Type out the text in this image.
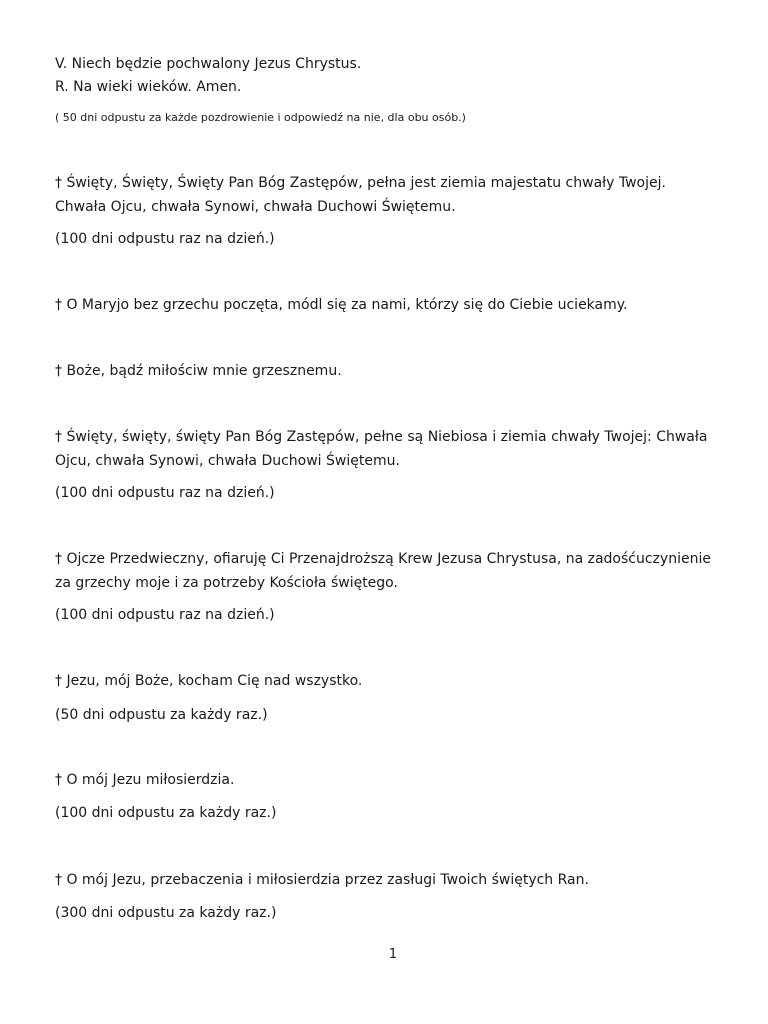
V. Niech będzie pochwalony Jezus Chrystus.
R. Na wieki wieków. Amen.
( 50 dni odpustu za każde pozdrowienie i odpowiedź na nie, dla obu osób.)
† Święty, Święty, Święty Pan Bóg Zastępów, pełna jest ziemia majestatu chwały Twojej. Chwała Ojcu, chwała Synowi, chwała Duchowi Świętemu.
(100 dni odpustu raz na dzień.)
† O Maryjo bez grzechu poczęta, módl się za nami, którzy się do Ciebie uciekamy.
† Boże, bądź miłościw mnie grzesznemu.
† Święty, święty, święty Pan Bóg Zastępów, pełne są Niebiosa i ziemia chwały Twojej: Chwała Ojcu, chwała Synowi, chwała Duchowi Świętemu.
(100 dni odpustu raz na dzień.)
† Ojcze Przedwieczny, ofiaruję Ci Przenajdroższą Krew Jezusa Chrystusa, na zadośćuczynienie za grzechy moje i za potrzeby Kościoła świętego.
(100 dni odpustu raz na dzień.)
† Jezu, mój Boże, kocham Cię nad wszystko.
(50 dni odpustu za każdy raz.)
† O mój Jezu miłosierdzia.
(100 dni odpustu za każdy raz.)
† O mój Jezu, przebaczenia i miłosierdzia przez zasługi Twoich świętych Ran.
(300 dni odpustu za każdy raz.)
1
